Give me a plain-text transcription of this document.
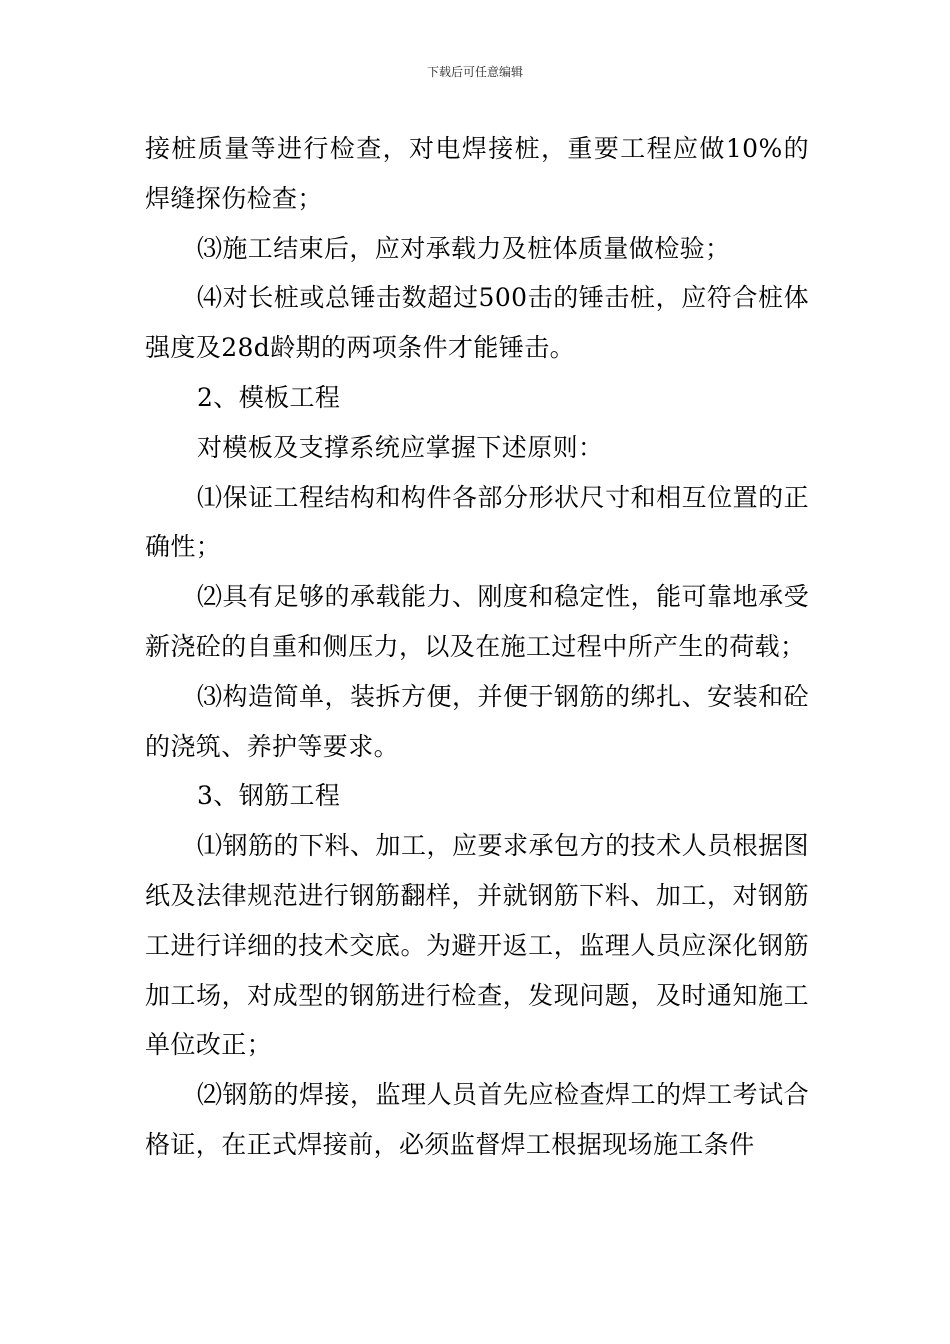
下载后可任意编辑

接桩质量等进行检查，对电焊接桩，重要工程应做10%的焊缝探伤检查；

⑶施工结束后，应对承载力及桩体质量做检验；

⑷对长桩或总锤击数超过500击的锤击桩，应符合桩体强度及28d龄期的两项条件才能锤击。

2、模板工程

对模板及支撑系统应掌握下述原则：

⑴保证工程结构和构件各部分形状尺寸和相互位置的正确性；

⑵具有足够的承载能力、刚度和稳定性，能可靠地承受新浇砼的自重和侧压力，以及在施工过程中所产生的荷载；

⑶构造简单，装拆方便，并便于钢筋的绑扎、安装和砼的浇筑、养护等要求。

3、钢筋工程

⑴钢筋的下料、加工，应要求承包方的技术人员根据图纸及法律规范进行钢筋翻样，并就钢筋下料、加工，对钢筋工进行详细的技术交底。为避开返工，监理人员应深化钢筋加工场，对成型的钢筋进行检查，发现问题，及时通知施工单位改正；

⑵钢筋的焊接，监理人员首先应检查焊工的焊工考试合格证，在正式焊接前，必须监督焊工根据现场施工条件
